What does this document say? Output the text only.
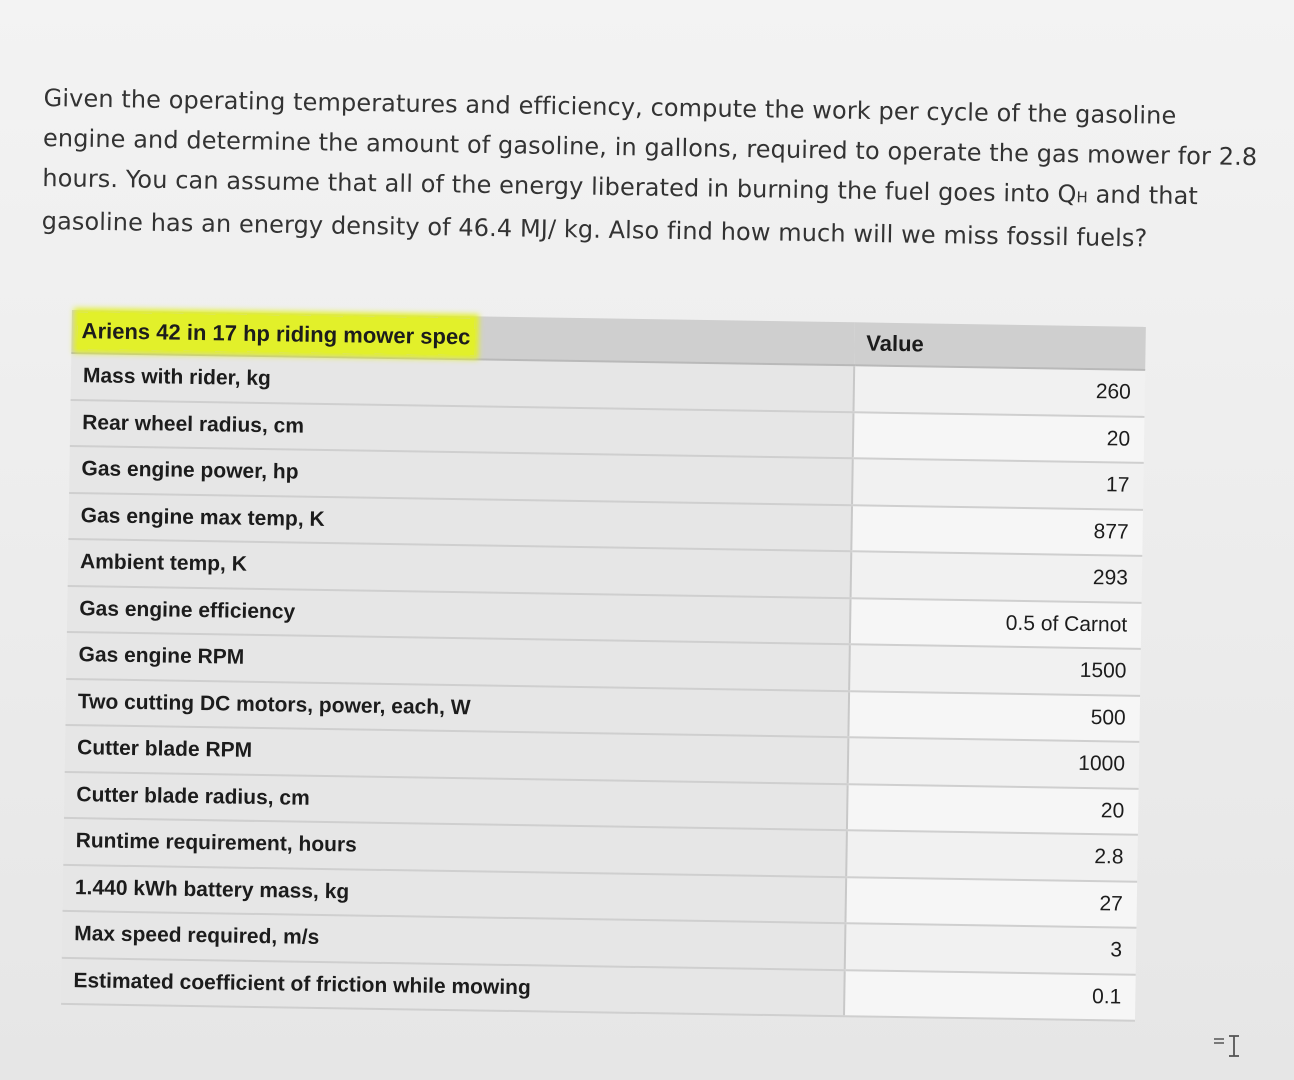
Given the operating temperatures and efficiency, compute the work per cycle of the gasoline
engine and determine the amount of gasoline, in gallons, required to operate the gas mower for 2.8
hours. You can assume that all of the energy liberated in burning the fuel goes into QH and that
gasoline has an energy density of 46.4 MJ/ kg. Also find how much will we miss fossil fuels?
Ariens 42 in 17 hp riding mower spec	Value
Mass with rider, kg	260
Rear wheel radius, cm	20
Gas engine power, hp	17
Gas engine max temp, K	877
Ambient temp, K	293
Gas engine efficiency	0.5 of Carnot
Gas engine RPM	1500
Two cutting DC motors, power, each, W	500
Cutter blade RPM	1000
Cutter blade radius, cm	20
Runtime requirement, hours	2.8
1.440 kWh battery mass, kg	27
Max speed required, m/s	3
Estimated coefficient of friction while mowing	0.1
